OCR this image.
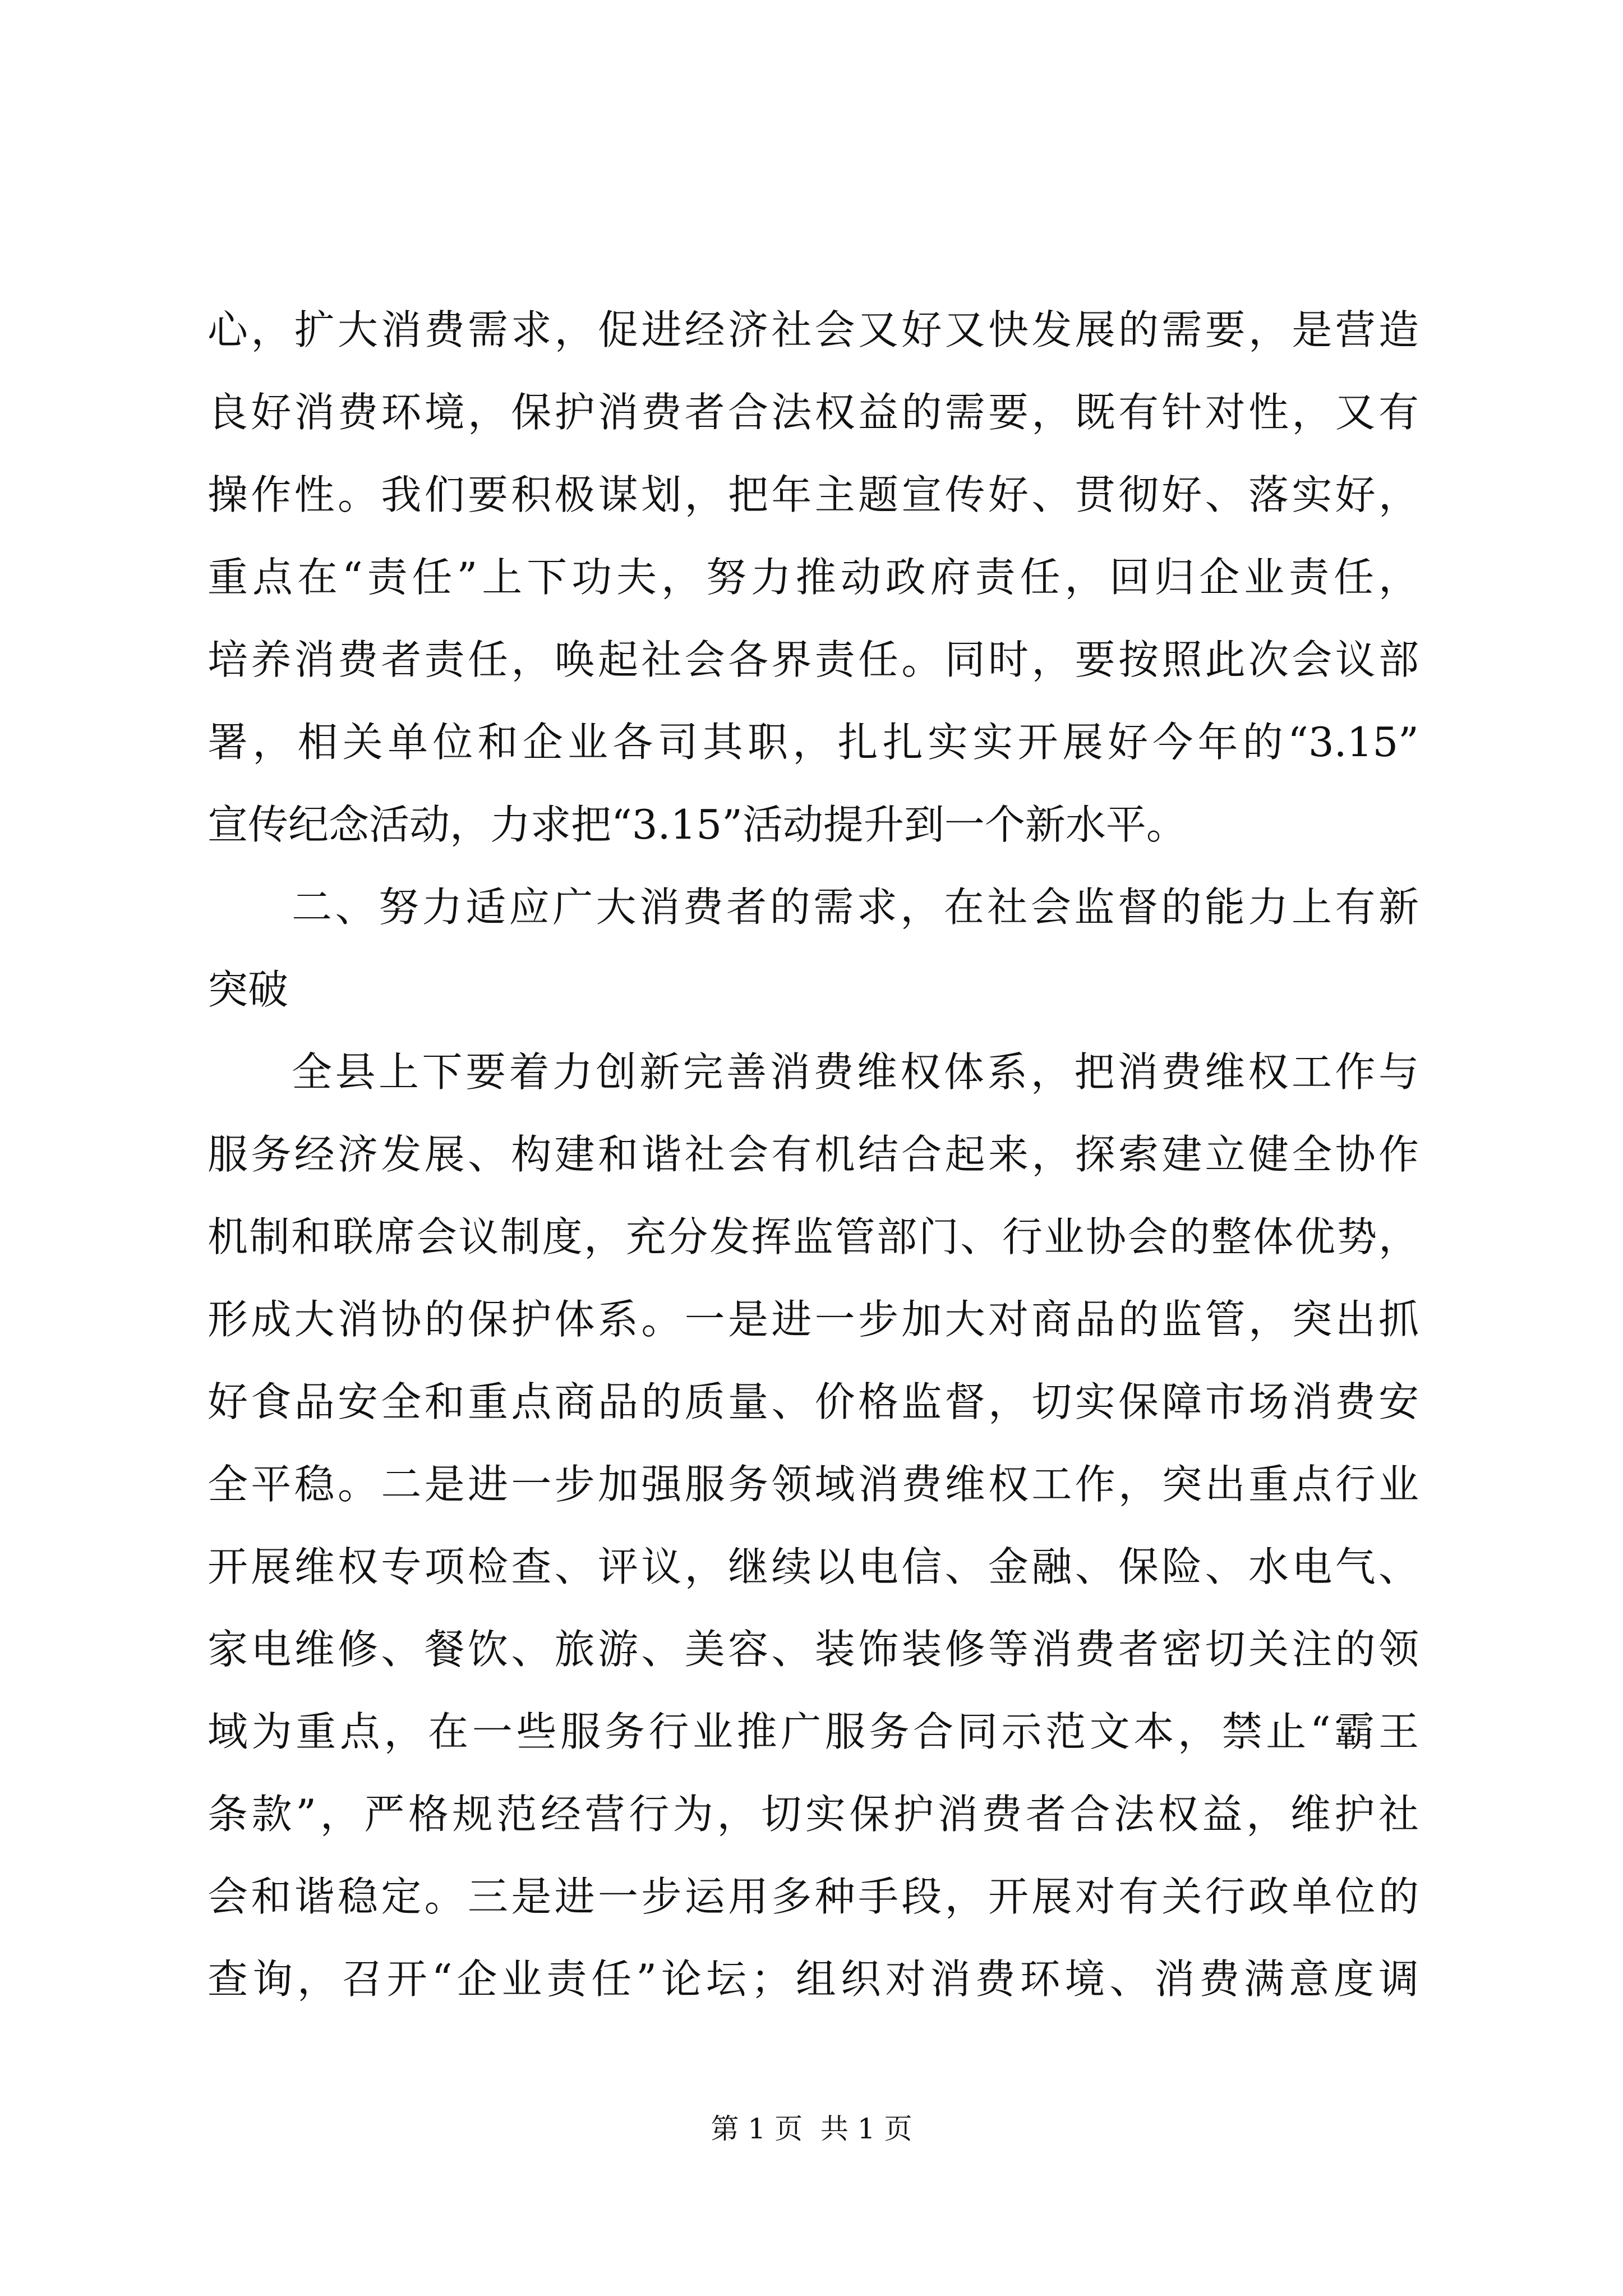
心，扩大消费需求，促进经济社会又好又快发展的需要，是营造
良好消费环境，保护消费者合法权益的需要，既有针对性，又有
操作性。我们要积极谋划，把年主题宣传好、贯彻好、落实好，
重点在“责任”上下功夫，努力推动政府责任，回归企业责任，
培养消费者责任，唤起社会各界责任。同时，要按照此次会议部
署，相关单位和企业各司其职，扎扎实实开展好今年的“3.15”
宣传纪念活动，力求把“3.15”活动提升到一个新水平。
二、努力适应广大消费者的需求，在社会监督的能力上有新
突破
全县上下要着力创新完善消费维权体系，把消费维权工作与
服务经济发展、构建和谐社会有机结合起来，探索建立健全协作
机制和联席会议制度，充分发挥监管部门、行业协会的整体优势，
形成大消协的保护体系。一是进一步加大对商品的监管，突出抓
好食品安全和重点商品的质量、价格监督，切实保障市场消费安
全平稳。二是进一步加强服务领域消费维权工作，突出重点行业
开展维权专项检查、评议，继续以电信、金融、保险、水电气、
家电维修、餐饮、旅游、美容、装饰装修等消费者密切关注的领
域为重点，在一些服务行业推广服务合同示范文本，禁止“霸王
条款”，严格规范经营行为，切实保护消费者合法权益，维护社
会和谐稳定。三是进一步运用多种手段，开展对有关行政单位的
查询，召开“企业责任”论坛；组织对消费环境、消费满意度调
第 1 页  共 1 页
